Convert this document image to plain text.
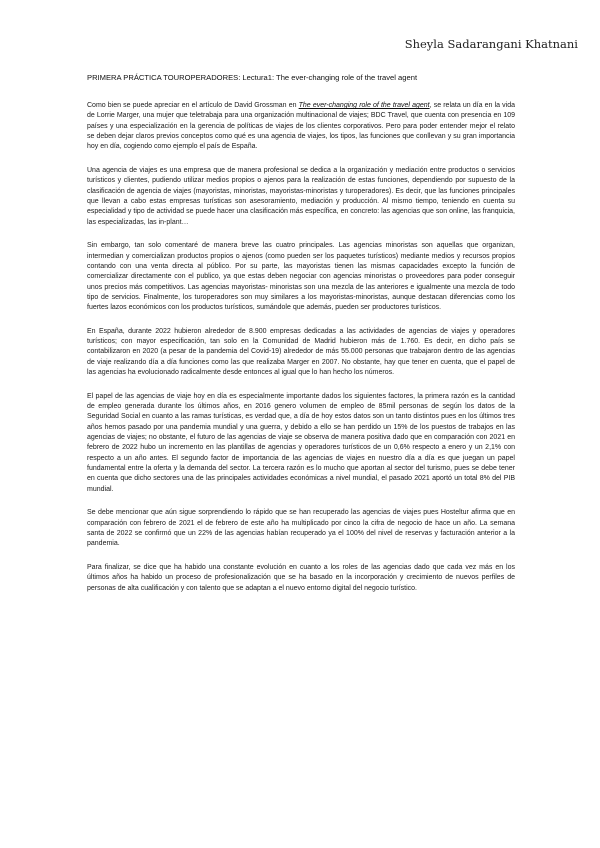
Sheyla Sadarangani Khatnani
PRIMERA PRÁCTICA TOUROPERADORES: Lectura1: The ever-changing role of the travel agent

Como bien se puede apreciar en el artículo de David Grossman en The ever-changing role of the travel agent, se relata un día en la vida de Lorrie Marger, una mujer que teletrabaja para una organización multinacional de viajes; BDC Travel, que cuenta con presencia en 109 países y una especialización en la gerencia de políticas de viajes de los clientes corporativos. Pero para poder entender mejor el relato se deben dejar claros previos conceptos como qué es una agencia de viajes, los tipos, las funciones que conllevan y su gran importancia hoy en día, cogiendo como ejemplo el país de España.

Una agencia de viajes es una empresa que de manera profesional se dedica a la organización y mediación entre productos o servicios turísticos y clientes, pudiendo utilizar medios propios o ajenos para la realización de estas funciones, dependiendo por supuesto de la clasificación de agencia de viajes (mayoristas, minoristas, mayoristas-minoristas y turoperadores). Es decir, que las funciones principales que llevan a cabo estas empresas turísticas son asesoramiento, mediación y producción. Al mismo tiempo, teniendo en cuenta su especialidad y tipo de actividad se puede hacer una clasificación más específica, en concreto: las agencias que son online, las franquicia, las especializadas, las in-plant…

Sin embargo, tan solo comentaré de manera breve las cuatro principales. Las agencias minoristas son aquellas que organizan, intermedian y comercializan productos propios o ajenos (como pueden ser los paquetes turísticos) mediante medios y recursos propios contando con una venta directa al público. Por su parte, las mayoristas tienen las mismas capacidades excepto la función de comercializar directamente con el publico, ya que estas deben negociar con agencias minoristas o proveedores para poder conseguir unos precios más competitivos. Las agencias mayoristas- minoristas son una mezcla de las anteriores e igualmente una mezcla de todo tipo de servicios. Finalmente, los turoperadores son muy similares a los mayoristas-minoristas, aunque destacan diferencias como los fuertes lazos económicos con los productos turísticos, sumándole que además, pueden ser productores turísticos.

En España, durante 2022 hubieron alrededor de 8.900 empresas dedicadas a las actividades de agencias de viajes y operadores turísticos; con mayor especificación, tan solo en la Comunidad de Madrid hubieron más de 1.760. Es decir, en dicho país se contabilizaron en 2020 (a pesar de la pandemia del Covid-19) alrededor de más 55.000 personas que trabajaron dentro de las agencias de viaje realizando día a día funciones como las que realizaba Marger en 2007. No obstante, hay que tener en cuenta, que el papel de las agencias ha evolucionado radicalmente desde entonces al igual que lo han hecho los números.

El papel de las agencias de viaje hoy en día es especialmente importante dados los siguientes factores, la primera razón es la cantidad de empleo generada durante los últimos años, en 2016 genero volumen de empleo de 85mil personas de según los datos de la Seguridad Social en cuanto a las ramas turísticas, es verdad que, a día de hoy estos datos son un tanto distintos pues en los últimos tres años hemos pasado por una pandemia mundial y una guerra, y debido a ello se han perdido un 15% de los puestos de trabajos en las agencias de viajes; no obstante, el futuro de las agencias de viaje se observa de manera positiva dado que en comparación con 2021 en febrero de 2022 hubo un incremento en las plantillas de agencias y operadores turísticos de un 0,6% respecto a enero y un 2,1% con respecto a un año antes. El segundo factor de importancia de las agencias de viajes en nuestro día a día es que juegan un papel fundamental entre la oferta y la demanda del sector. La tercera razón es lo mucho que aportan al sector del turismo, pues se debe tener en cuenta que dicho sectores una de las principales actividades económicas a nivel mundial, el pasado 2021 aportó un total 8% del PIB mundial.

Se debe mencionar que aún sigue sorprendiendo lo rápido que se han recuperado las agencias de viajes pues Hosteltur afirma que en comparación con febrero de 2021 el de febrero de este año ha multiplicado por cinco la cifra de negocio de hace un año. La semana santa de 2022 se confirmó que un 22% de las agencias habían recuperado ya el 100% del nivel de reservas y facturación anterior a la pandemia.

Para finalizar, se dice que ha habido una constante evolución en cuanto a los roles de las agencias dado que cada vez más en los últimos años ha habido un proceso de profesionalización que se ha basado en la incorporación y crecimiento de nuevos perfiles de personas de alta cualificación y con talento que se adaptan a el nuevo entorno digital del negocio turístico.
